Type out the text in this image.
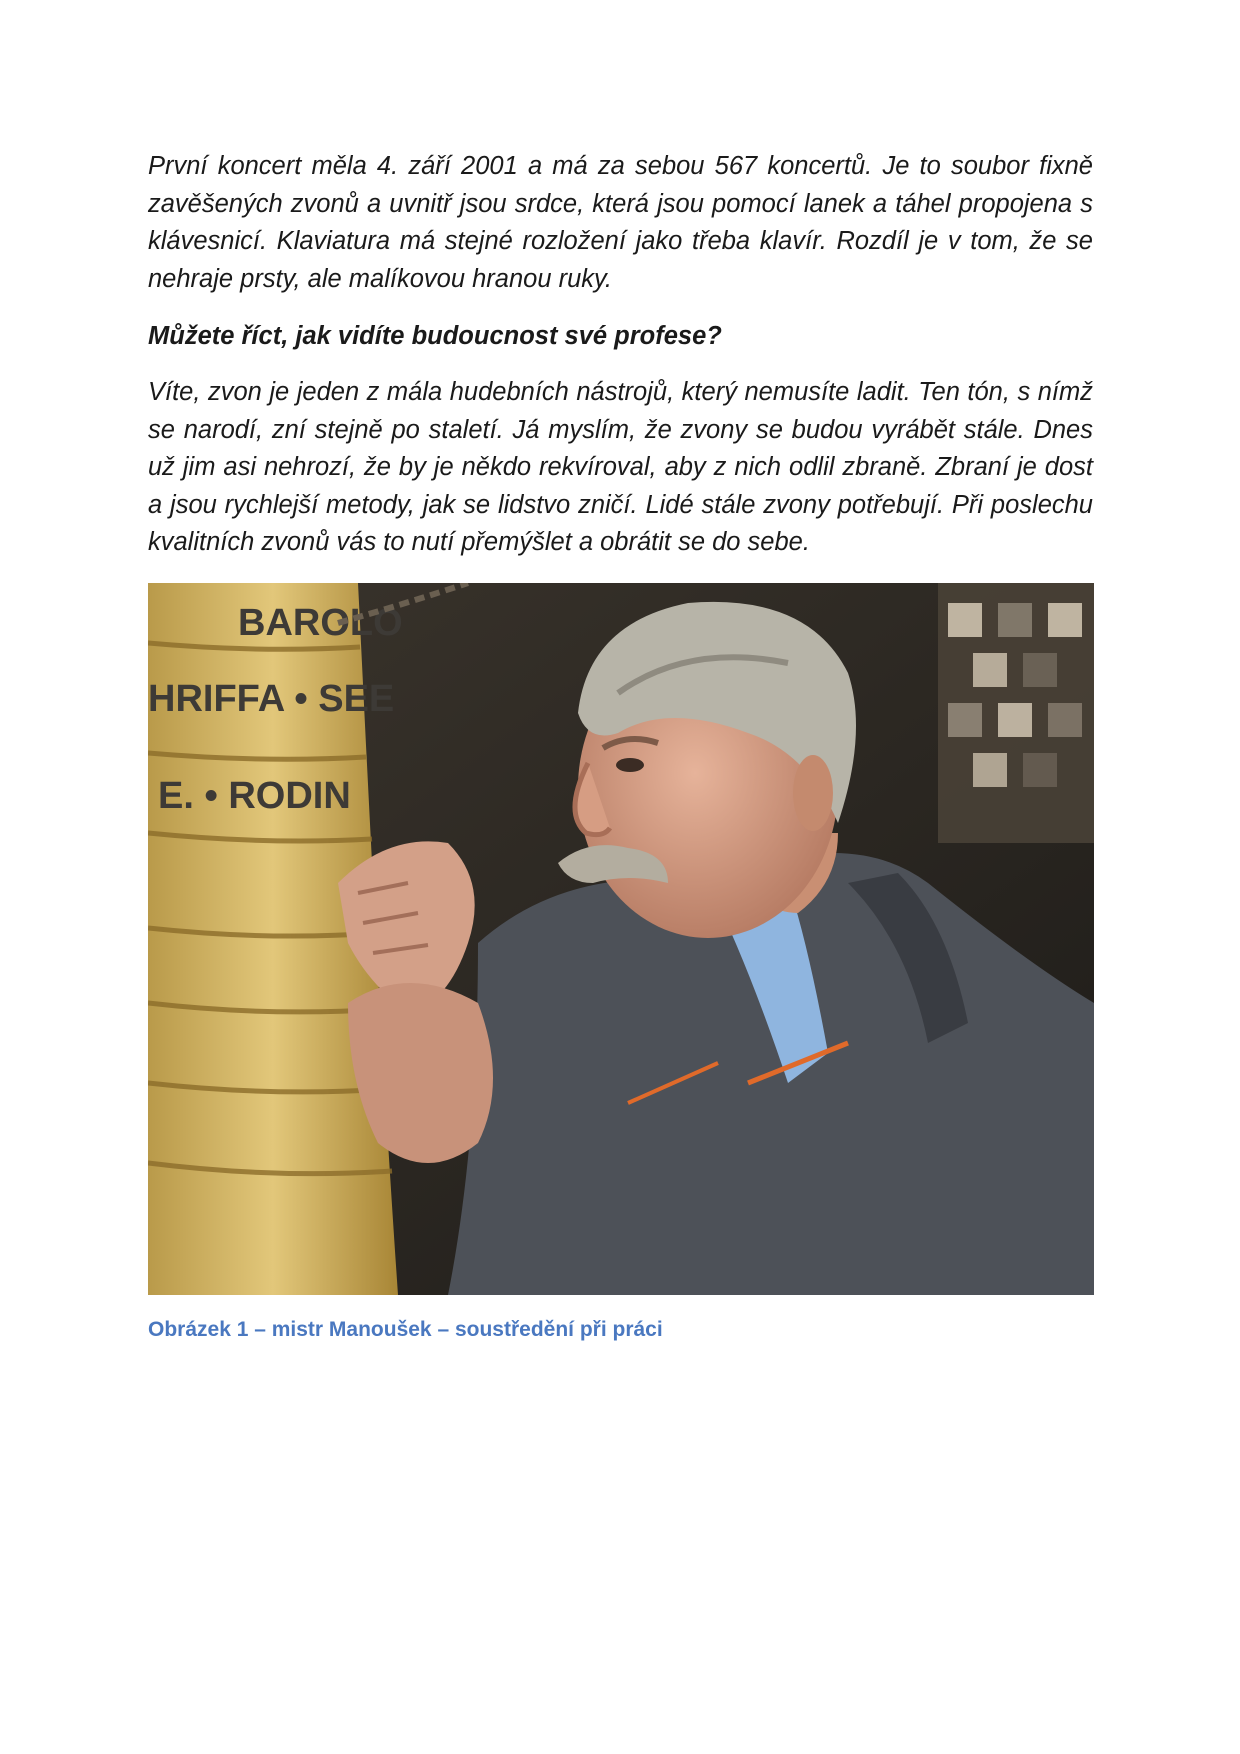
První koncert měla 4. září 2001 a má za sebou 567 koncertů. Je to soubor fixně zavěšených zvonů a uvnitř jsou srdce, která jsou pomocí lanek a táhel propojena s klávesnicí. Klaviatura má stejné rozložení jako třeba klavír. Rozdíl je v tom, že se nehraje prsty, ale malíkovou hranou ruky.

Můžete říct, jak vidíte budoucnost své profese?

Víte, zvon je jeden z mála hudebních nástrojů, který nemusíte ladit. Ten tón, s nímž se narodí, zní stejně po staletí. Já myslím, že zvony se budou vyrábět stále. Dnes už jim asi nehrozí, že by je někdo rekvíroval, aby z nich odlil zbraně. Zbraní je dost a jsou rychlejší metody, jak se lidstvo zničí. Lidé stále zvony potřebují. Při poslechu kvalitních zvonů vás to nutí přemýšlet a obrátit se do sebe.

BAROLO
HRIFFA • SEE
E. • RODIN
Obrázek 1 – mistr Manoušek – soustředění při práci
